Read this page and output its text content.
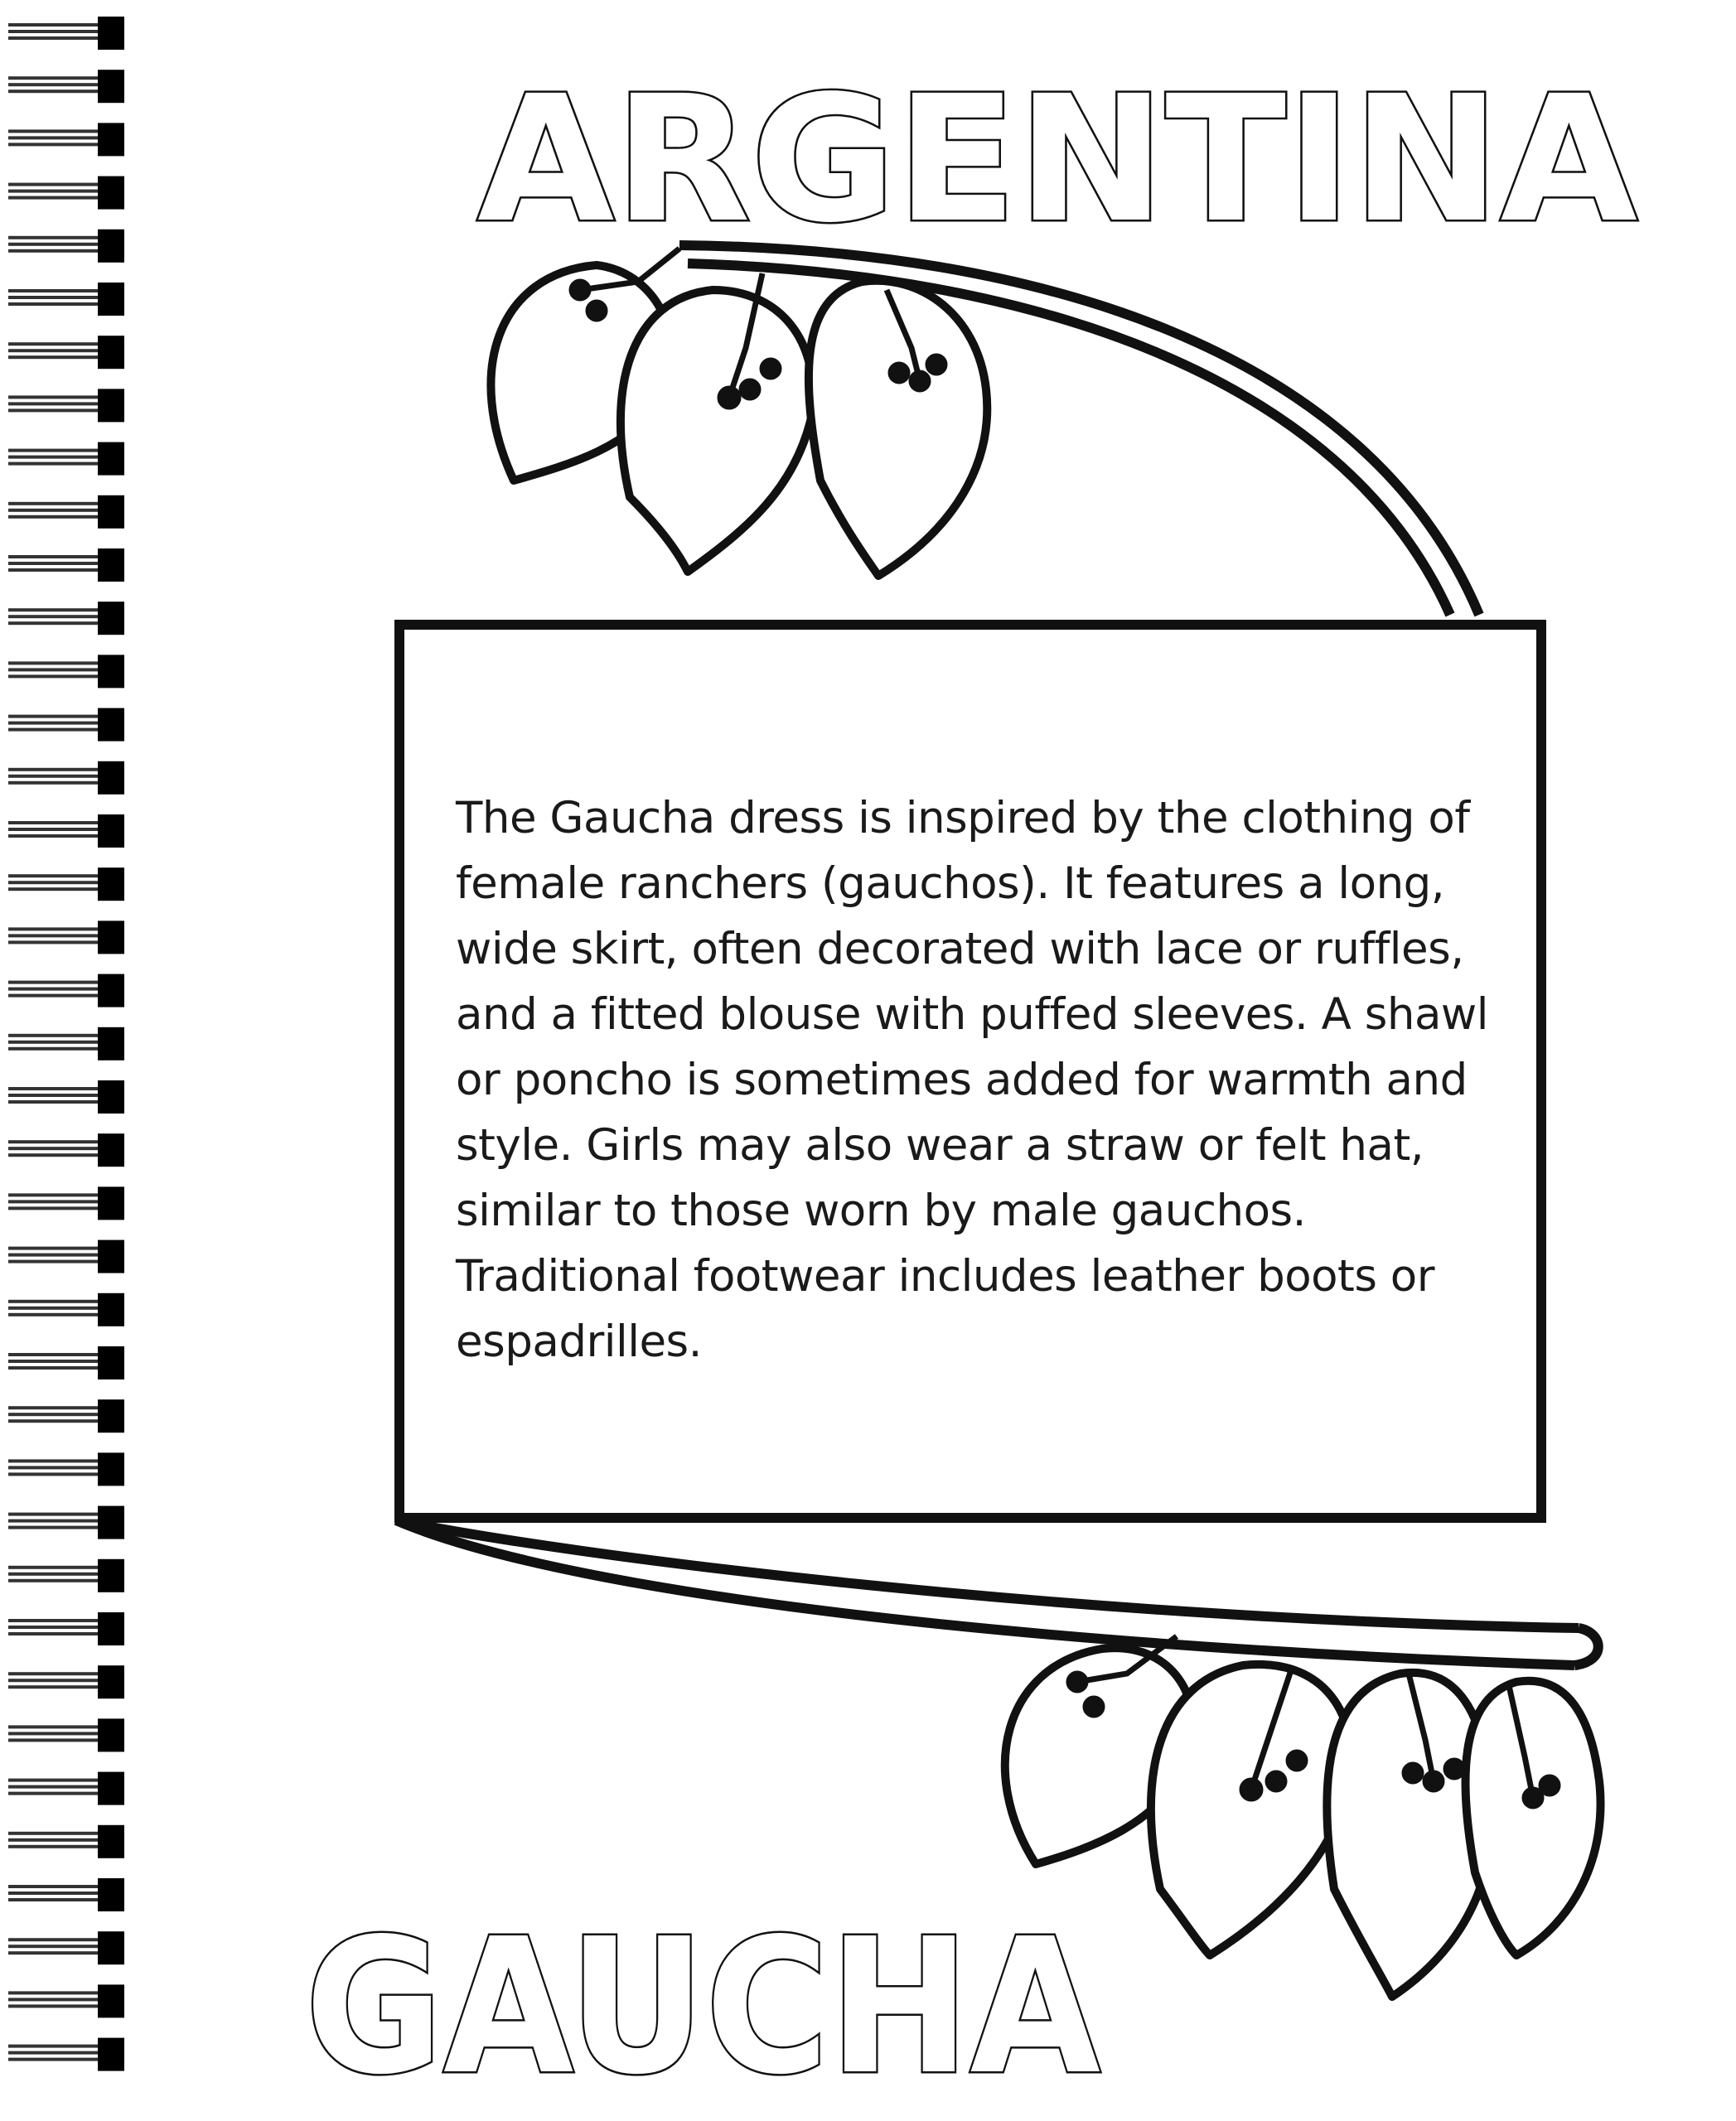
ARGENTINA

The Gaucha dress is inspired by the clothing of female ranchers (gauchos). It features a long, wide skirt, often decorated with lace or ruffles, and a fitted blouse with puffed sleeves. A shawl or poncho is sometimes added for warmth and style. Girls may also wear a straw or felt hat, similar to those worn by male gauchos. Traditional footwear includes leather boots or espadrilles.

GAUCHA
